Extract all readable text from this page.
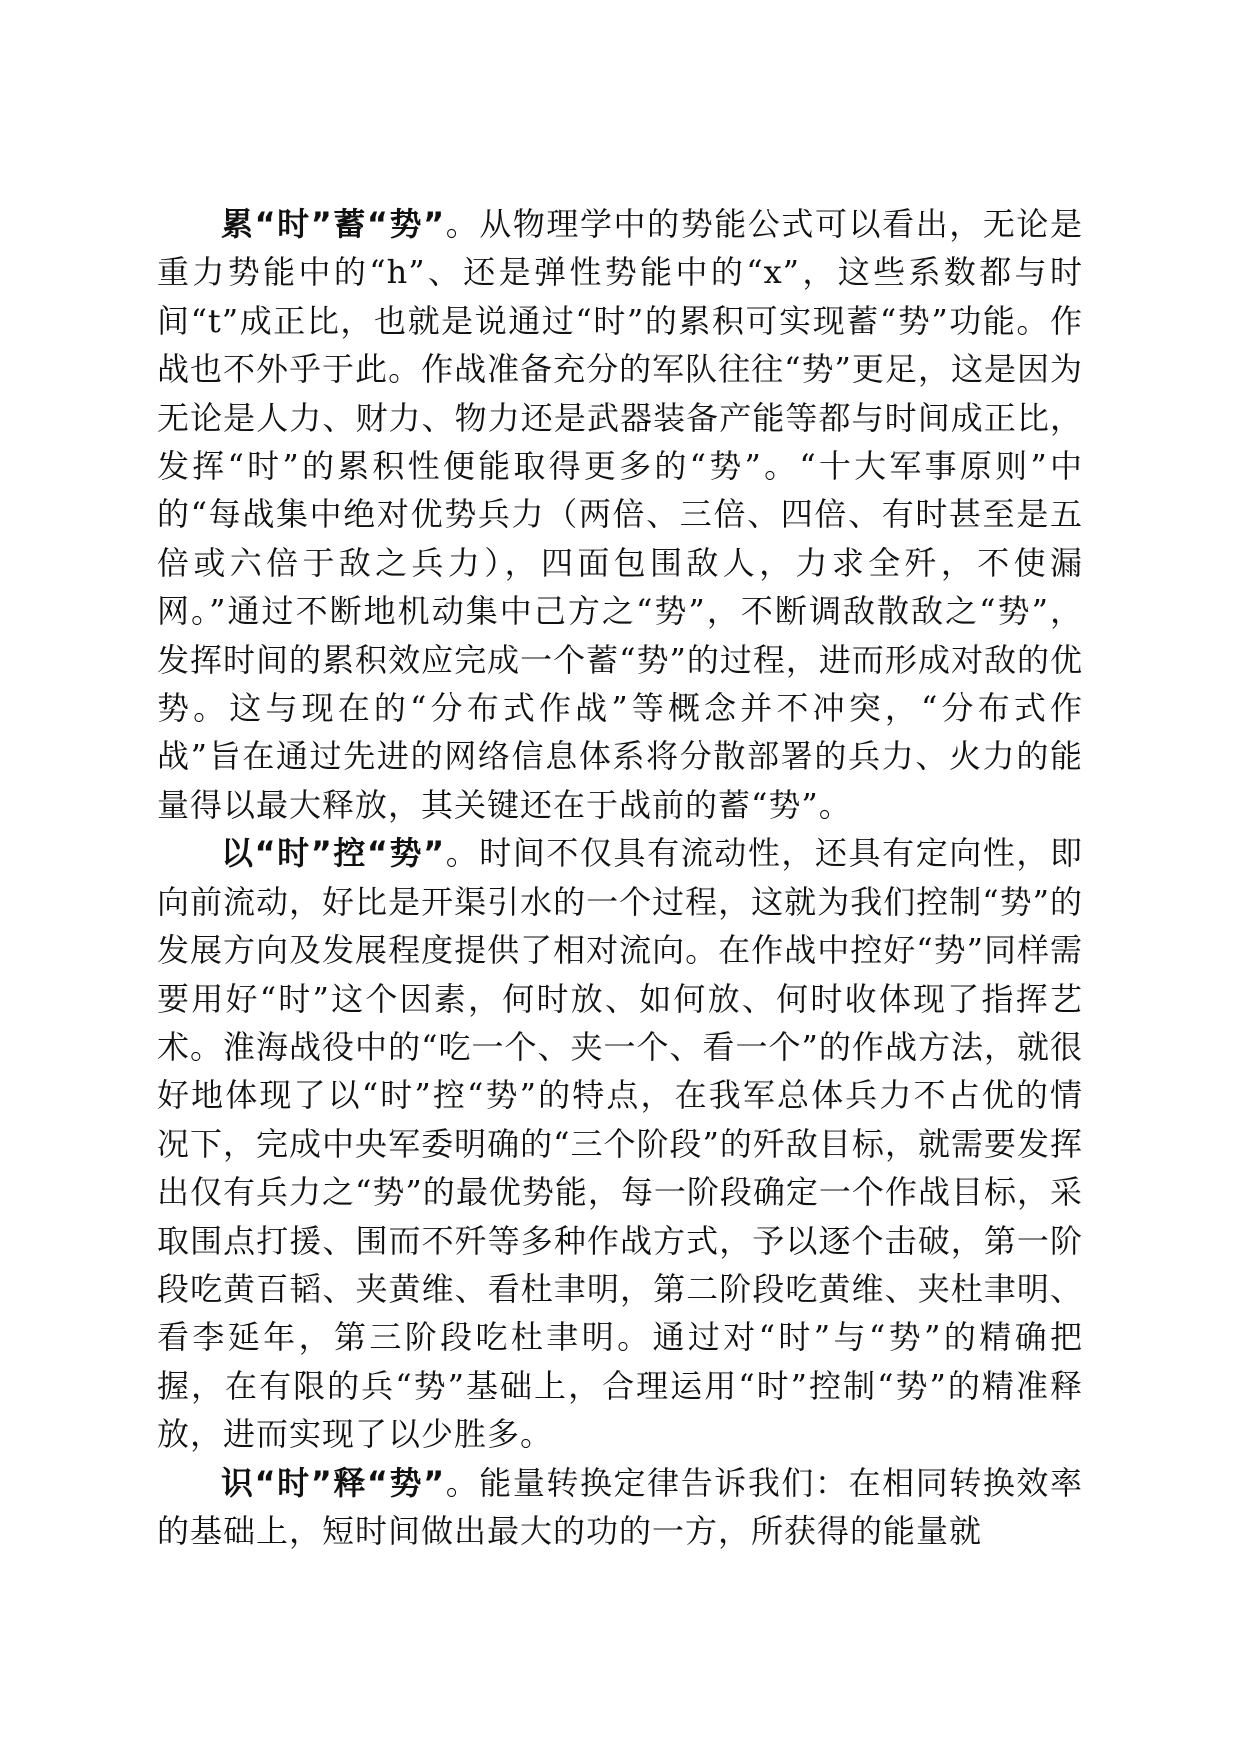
累“时”蓄“势”。从物理学中的势能公式可以看出，无论是重力势能中的“h”、还是弹性势能中的“x”，这些系数都与时间“t”成正比，也就是说通过“时”的累积可实现蓄“势”功能。作战也不外乎于此。作战准备充分的军队往往“势”更足，这是因为无论是人力、财力、物力还是武器装备产能等都与时间成正比，发挥“时”的累积性便能取得更多的“势”。“十大军事原则”中的“每战集中绝对优势兵力（两倍、三倍、四倍、有时甚至是五倍或六倍于敌之兵力），四面包围敌人，力求全歼，不使漏网。”通过不断地机动集中己方之“势”，不断调敌散敌之“势”，发挥时间的累积效应完成一个蓄“势”的过程，进而形成对敌的优势。这与现在的“分布式作战”等概念并不冲突，“分布式作战”旨在通过先进的网络信息体系将分散部署的兵力、火力的能量得以最大释放，其关键还在于战前的蓄“势”。

以“时”控“势”。时间不仅具有流动性，还具有定向性，即向前流动，好比是开渠引水的一个过程，这就为我们控制“势”的发展方向及发展程度提供了相对流向。在作战中控好“势”同样需要用好“时”这个因素，何时放、如何放、何时收体现了指挥艺术。淮海战役中的“吃一个、夹一个、看一个”的作战方法，就很好地体现了以“时”控“势”的特点，在我军总体兵力不占优的情况下，完成中央军委明确的“三个阶段”的歼敌目标，就需要发挥出仅有兵力之“势”的最优势能，每一阶段确定一个作战目标，采取围点打援、围而不歼等多种作战方式，予以逐个击破，第一阶段吃黄百韬、夹黄维、看杜聿明，第二阶段吃黄维、夹杜聿明、看李延年，第三阶段吃杜聿明。通过对“时”与“势”的精确把握，在有限的兵“势”基础上，合理运用“时”控制“势”的精准释放，进而实现了以少胜多。

识“时”释“势”。能量转换定律告诉我们：在相同转换效率的基础上，短时间做出最大的功的一方，所获得的能量就
